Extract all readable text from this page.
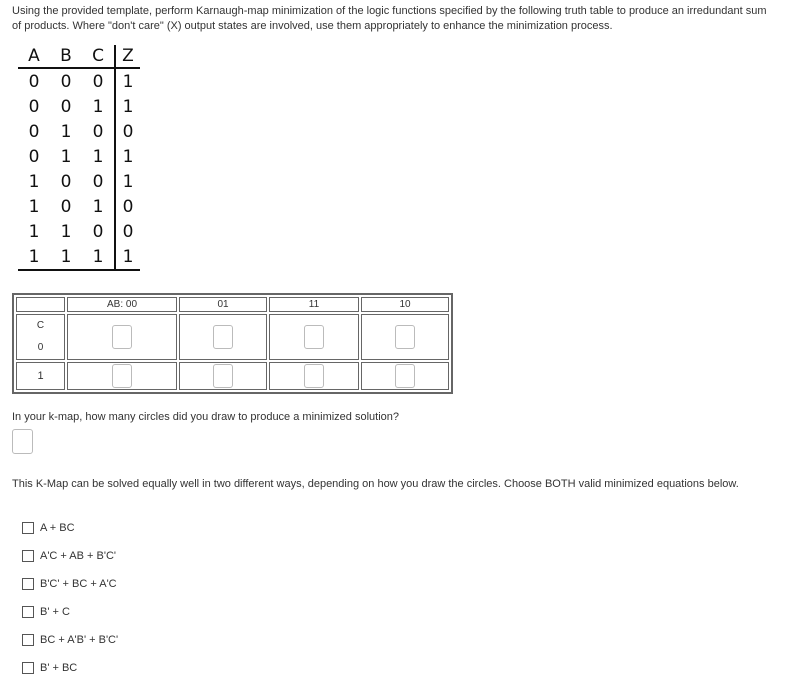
Using the provided template, perform Karnaugh-map minimization of the logic functions specified by the following truth table to produce an irredundant sum

of products. Where "don't care" (X) output states are involved, use them appropriately to enhance the minimization process.

A	B	C	Z
0	0	0	1
0	0	1	1
0	1	0	0
0	1	1	1
1	0	0	1
1	0	1	0
1	1	0	0
1	1	1	1
	AB: 00	01	11	10

C
0				

1				
In your k-map, how many circles did you draw to produce a minimized solution?
This K-Map can be solved equally well in two different ways, depending on how you draw the circles. Choose BOTH valid minimized equations below.
A + BC
A'C + AB + B'C'
B'C' + BC + A'C
B' + C
BC + A'B' + B'C'
B' + BC
